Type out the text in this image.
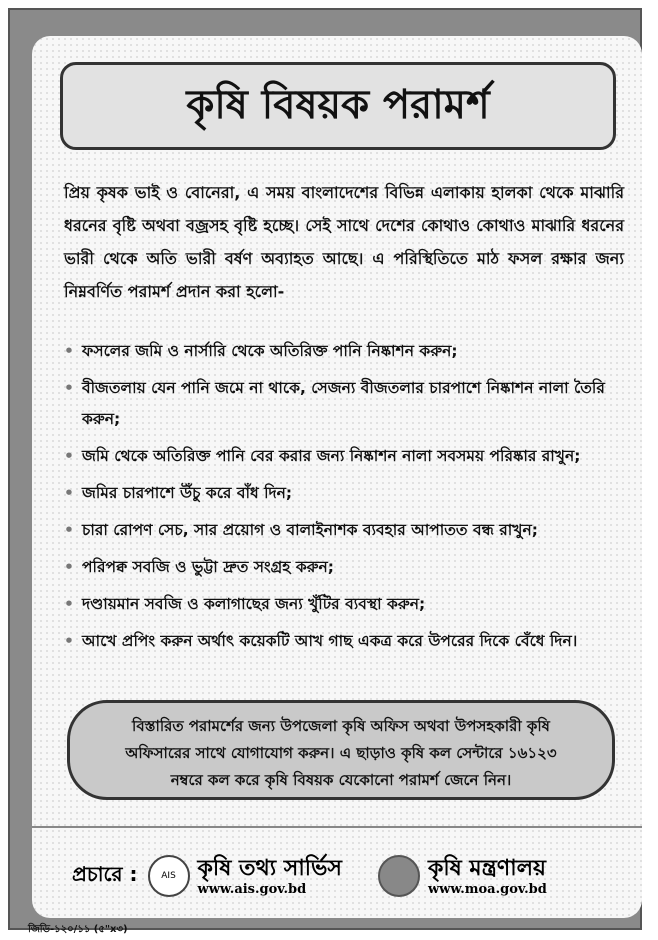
কৃষি বিষয়ক পরামর্শ

প্রিয় কৃষক ভাই ও বোনেরা, এ সময় বাংলাদেশের বিভিন্ন এলাকায় হালকা থেকে মাঝারি ধরনের বৃষ্টি অথবা বজ্রসহ বৃষ্টি হচ্ছে। সেই সাথে দেশের কোথাও কোথাও মাঝারি ধরনের ভারী থেকে অতি ভারী বর্ষণ অব্যাহত আছে। এ পরিস্থিতিতে মাঠ ফসল রক্ষার জন্য নিম্নবর্ণিত পরামর্শ প্রদান করা হলো-

• ফসলের জমি ও নার্সারি থেকে অতিরিক্ত পানি নিষ্কাশন করুন;
• বীজতলায় যেন পানি জমে না থাকে, সেজন্য বীজতলার চারপাশে নিষ্কাশন নালা তৈরি করুন;
• জমি থেকে অতিরিক্ত পানি বের করার জন্য নিষ্কাশন নালা সবসময় পরিষ্কার রাখুন;
• জমির চারপাশে উঁচু করে বাঁধ দিন;
• চারা রোপণ সেচ, সার প্রয়োগ ও বালাইনাশক ব্যবহার আপাতত বন্ধ রাখুন;
• পরিপক্ব সবজি ও ভুট্টা দ্রুত সংগ্রহ করুন;
• দণ্ডায়মান সবজি ও কলাগাছের জন্য খুঁটির ব্যবস্থা করুন;
• আখে প্রপিং করুন অর্থাৎ কয়েকটি আখ গাছ একত্র করে উপরের দিকে বেঁধে দিন।
বিস্তারিত পরামর্শের জন্য উপজেলা কৃষি অফিস অথবা উপসহকারী কৃষি অফিসারের সাথে যোগাযোগ করুন। এ ছাড়াও কৃষি কল সেন্টারে ১৬১২৩ নম্বরে কল করে কৃষি বিষয়ক যেকোনো পরামর্শ জেনে নিন।
প্রচারে :	AIS কৃষি তথ্য সার্ভিস
www.ais.gov.bd
কৃষি মন্ত্রণালয়
www.moa.gov.bd
জিডি-১২০/১১ (৫"x৩)
